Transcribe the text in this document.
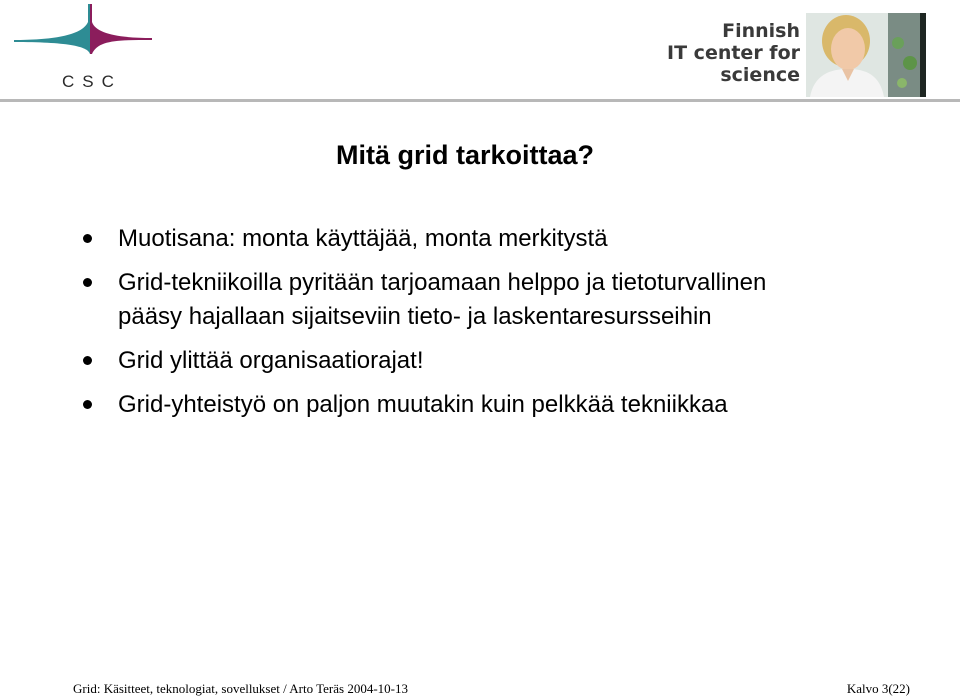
CSC
Finnish
IT center for
science
Mitä grid tarkoittaa?
Muotisana: monta käyttäjää, monta merkitystä
Grid-tekniikoilla pyritään tarjoamaan helppo ja tietoturvallinen
pääsy hajallaan sijaitseviin tieto- ja laskentaresursseihin
Grid ylittää organisaatiorajat!
Grid-yhteistyö on paljon muutakin kuin pelkkää tekniikkaa
Grid: Käsitteet, teknologiat, sovellukset / Arto Teräs 2004-10-13	Kalvo 3(22)
